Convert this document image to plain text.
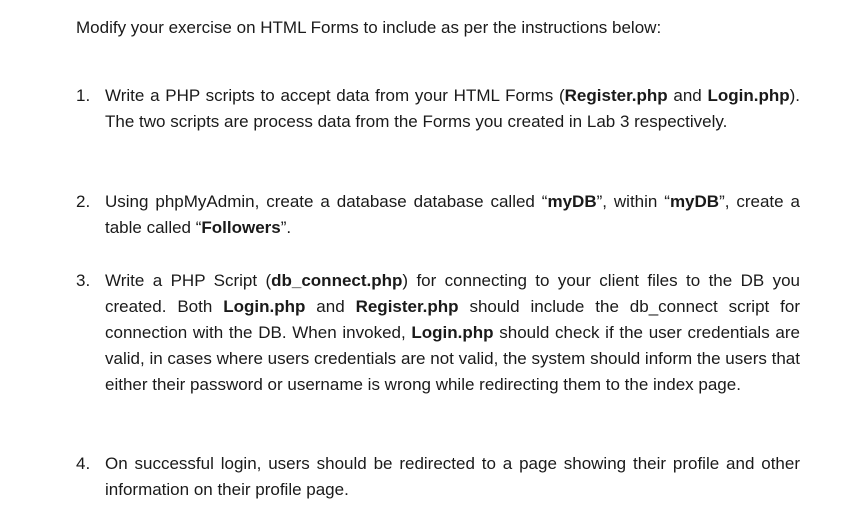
Modify your exercise on HTML Forms to include as per the instructions below:
1. Write a PHP scripts to accept data from your HTML Forms (Register.php and Login.php). The two scripts are process data from the Forms you created in Lab 3 respectively.
2. Using phpMyAdmin, create a database database called “myDB”, within “myDB”, create a table called “Followers”.
3. Write a PHP Script (db_connect.php) for connecting to your client files to the DB you created. Both Login.php and Register.php should include the db_connect script for connection with the DB. When invoked, Login.php should check if the user credentials are valid, in cases where users credentials are not valid, the system should inform the users that either their password or username is wrong while redirecting them to the index page.
4. On successful login, users should be redirected to a page showing their profile and other information on their profile page.
